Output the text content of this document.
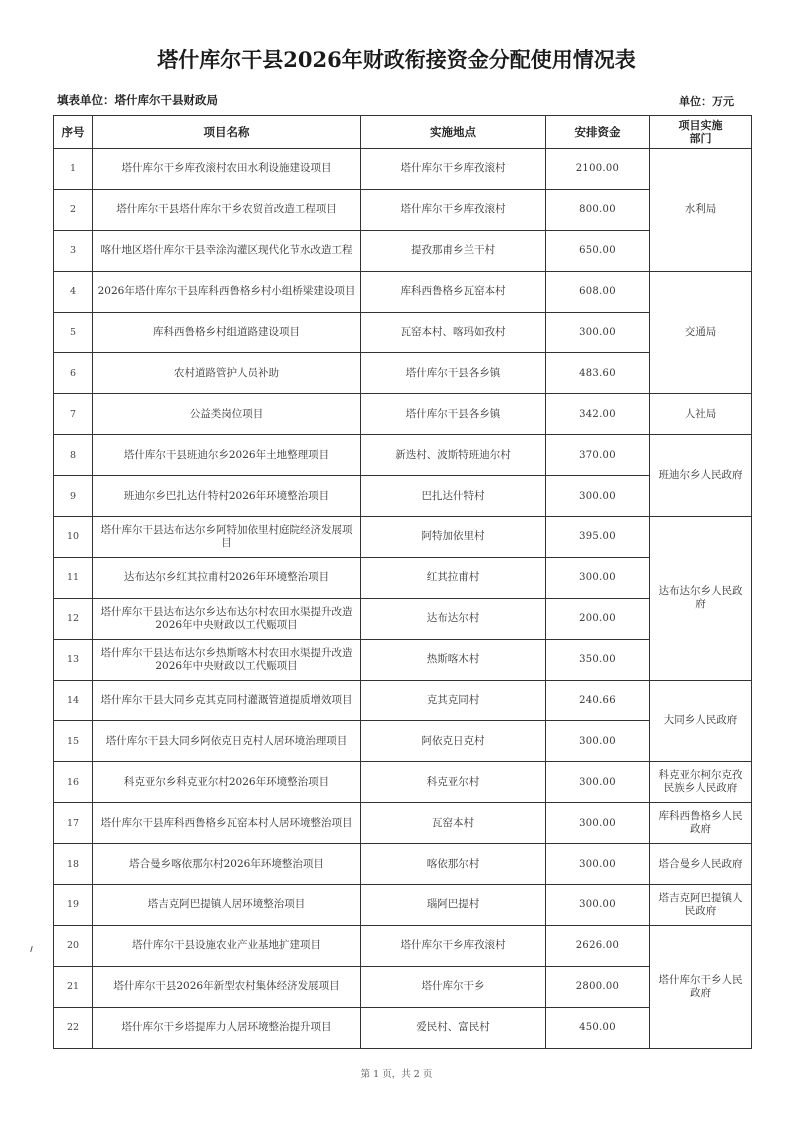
塔什库尔干县2026年财政衔接资金分配使用情况表
填表单位：塔什库尔干县财政局	单位：万元
序号	项目名称	实施地点	安排资金	项目实施
部门
1	塔什库尔干乡库孜滚村农田水利设施建设项目	塔什库尔干乡库孜滚村	2100.00	水利局
2	塔什库尔干县塔什库尔干乡农贸首改造工程项目	塔什库尔干乡库孜滚村	800.00	
3	喀什地区塔什库尔干县幸涂沟灌区现代化节水改造工程	提孜那甫乡兰干村	650.00	
4	2026年塔什库尔干县库科西鲁格乡村小组桥梁建设项目	库科西鲁格乡瓦窑本村	608.00	交通局
5	库科西鲁格乡村组道路建设项目	瓦窑本村、喀玛如孜村	300.00	
6	农村道路管护人员补助	塔什库尔干县各乡镇	483.60	
7	公益类岗位项目	塔什库尔干县各乡镇	342.00	人社局
8	塔什库尔干县班迪尔乡2026年土地整理项目	新迭村、波斯特班迪尔村	370.00	班迪尔乡人民政府
9	班迪尔乡巴扎达什特村2026年环境整治项目	巴扎达什特村	300.00	
10	塔什库尔干县达布达尔乡阿特加依里村庭院经济发展项目	阿特加依里村	395.00	达布达尔乡人民政府
11	达布达尔乡红其拉甫村2026年环境整治项目	红其拉甫村	300.00	
12	塔什库尔干县达布达尔乡达布达尔村农田水渠提升改造2026年中央财政以工代赈项目	达布达尔村	200.00	
13	塔什库尔干县达布达尔乡热斯喀木村农田水渠提升改造2026年中央财政以工代赈项目	热斯喀木村	350.00	
14	塔什库尔干县大同乡克其克同村灌溉管道提质增效项目	克其克同村	240.66	大同乡人民政府
15	塔什库尔干县大同乡阿依克日克村人居环境治理项目	阿依克日克村	300.00	
16	科克亚尔乡科克亚尔村2026年环境整治项目	科克亚尔村	300.00	科克亚尔柯尔克孜民族乡人民政府
17	塔什库尔干县库科西鲁格乡瓦窑本村人居环境整治项目	瓦窑本村	300.00	库科西鲁格乡人民政府
18	塔合曼乡喀依那尔村2026年环境整治项目	喀依那尔村	300.00	塔合曼乡人民政府
19	塔吉克阿巴提镇人居环境整治项目	瑙阿巴提村	300.00	塔吉克阿巴提镇人民政府
20	塔什库尔干县设施农业产业基地扩建项目	塔什库尔干乡库孜滚村	2626.00	塔什库尔干乡人民政府
21	塔什库尔干县2026年新型农村集体经济发展项目	塔什库尔干乡	2800.00	
22	塔什库尔干乡塔提库力人居环境整治提升项目	爱民村、富民村	450.00	
第 1 页，共 2 页
